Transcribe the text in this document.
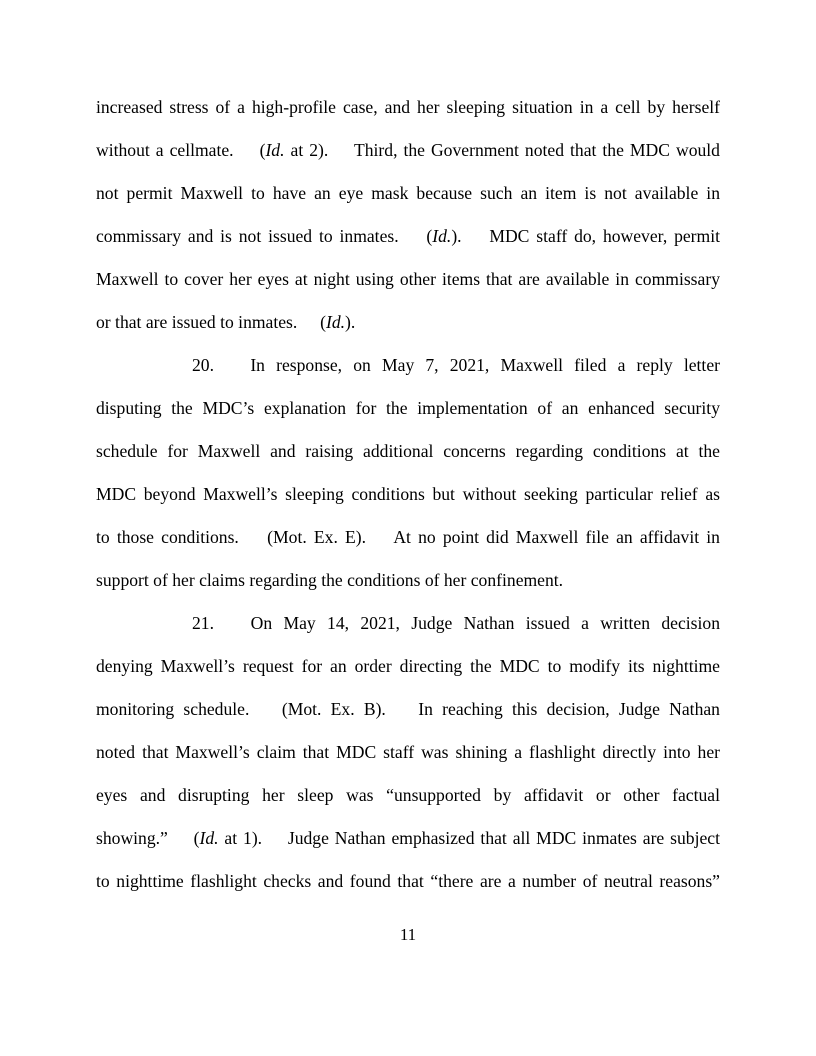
increased stress of a high-profile case, and her sleeping situation in a cell by herself
without a cellmate. (Id. at 2). Third, the Government noted that the MDC would
not permit Maxwell to have an eye mask because such an item is not available in
commissary and is not issued to inmates. (Id.). MDC staff do, however, permit
Maxwell to cover her eyes at night using other items that are available in commissary
or that are issued to inmates. (Id.).
20. In response, on May 7, 2021, Maxwell filed a reply letter
disputing the MDC’s explanation for the implementation of an enhanced security
schedule for Maxwell and raising additional concerns regarding conditions at the
MDC beyond Maxwell’s sleeping conditions but without seeking particular relief as
to those conditions. (Mot. Ex. E). At no point did Maxwell file an affidavit in
support of her claims regarding the conditions of her confinement.
21. On May 14, 2021, Judge Nathan issued a written decision
denying Maxwell’s request for an order directing the MDC to modify its nighttime
monitoring schedule. (Mot. Ex. B). In reaching this decision, Judge Nathan
noted that Maxwell’s claim that MDC staff was shining a flashlight directly into her
eyes and disrupting her sleep was “unsupported by affidavit or other factual
showing.” (Id. at 1). Judge Nathan emphasized that all MDC inmates are subject
to nighttime flashlight checks and found that “there are a number of neutral reasons”
11
